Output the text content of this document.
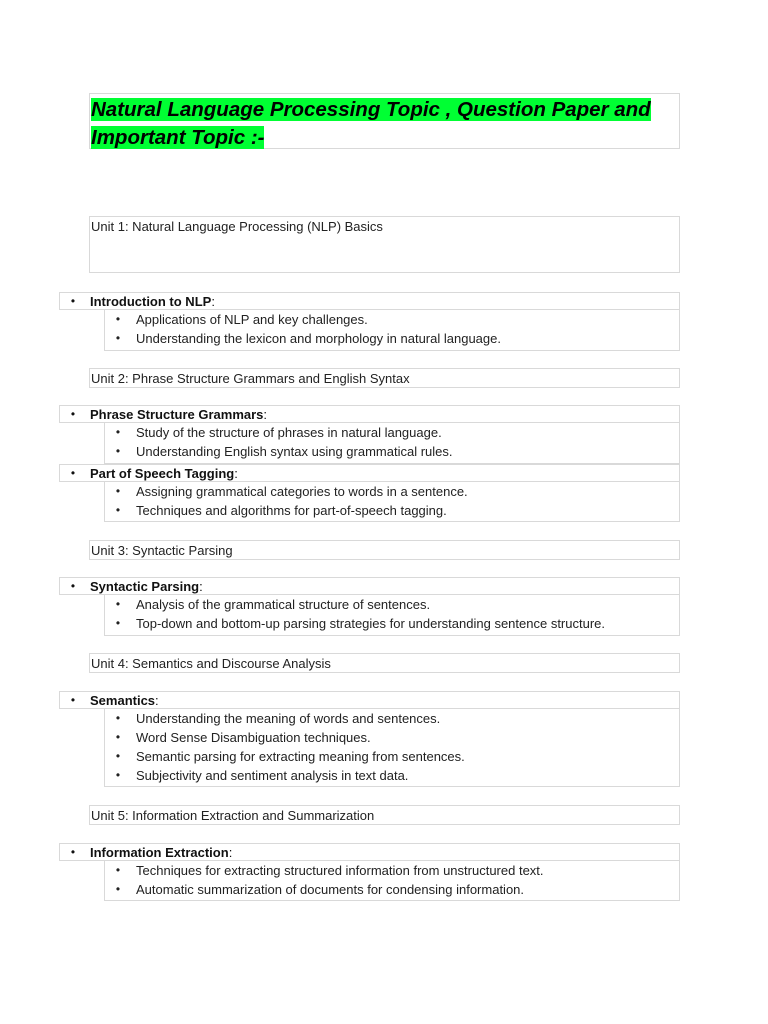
Natural Language Processing Topic , Question Paper and Important Topic :-
Unit 1: Natural Language Processing (NLP) Basics
• Introduction to NLP:
• Applications of NLP and key challenges.
• Understanding the lexicon and morphology in natural language.
Unit 2: Phrase Structure Grammars and English Syntax
• Phrase Structure Grammars:
• Study of the structure of phrases in natural language.
• Understanding English syntax using grammatical rules.
• Part of Speech Tagging:
• Assigning grammatical categories to words in a sentence.
• Techniques and algorithms for part-of-speech tagging.
Unit 3: Syntactic Parsing
• Syntactic Parsing:
• Analysis of the grammatical structure of sentences.
• Top-down and bottom-up parsing strategies for understanding sentence structure.
Unit 4: Semantics and Discourse Analysis
• Semantics:
• Understanding the meaning of words and sentences.
• Word Sense Disambiguation techniques.
• Semantic parsing for extracting meaning from sentences.
• Subjectivity and sentiment analysis in text data.
Unit 5: Information Extraction and Summarization
• Information Extraction:
• Techniques for extracting structured information from unstructured text.
• Automatic summarization of documents for condensing information.
